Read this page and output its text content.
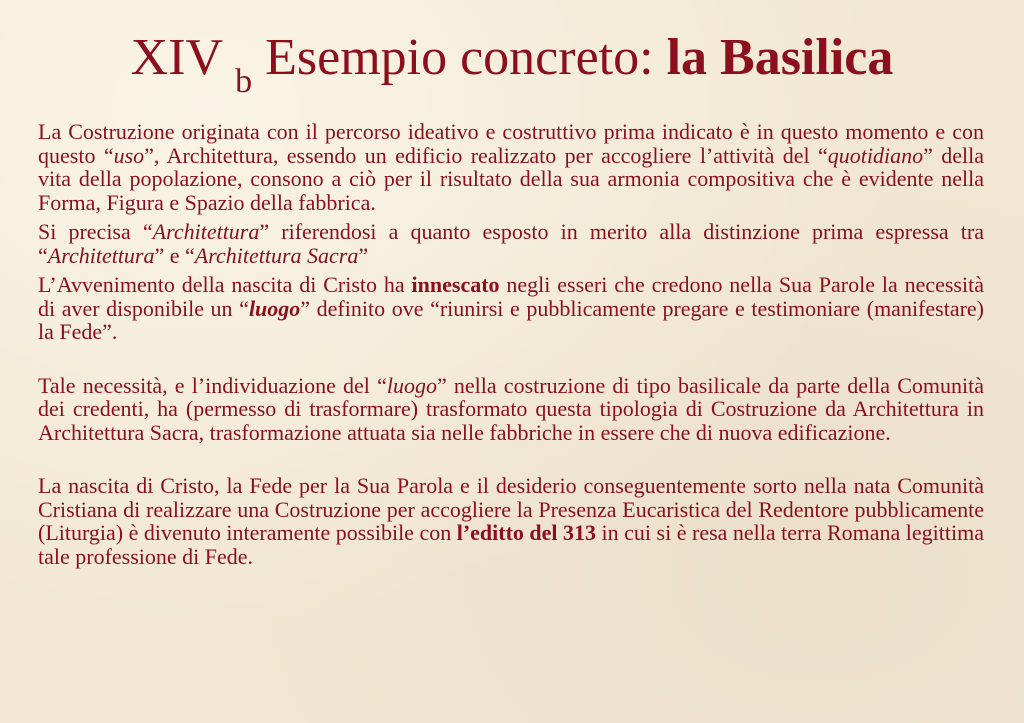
XIV $_b$ Esempio concreto: la Basilica

La Costruzione originata con il percorso ideativo e costruttivo prima indicato è in questo momento e con questo “uso”, Architettura, essendo un edificio realizzato per accogliere l’attività del “quotidiano” della vita della popolazione, consono a ciò per il risultato della sua armonia compositiva che è evidente nella Forma, Figura e Spazio della fabbrica.

Si precisa “Architettura” riferendosi a quanto esposto in merito alla distinzione prima espressa tra “Architettura” e “Architettura Sacra”

L’Avvenimento della nascita di Cristo ha innescato negli esseri che credono nella Sua Parole la necessità di aver disponibile un “luogo” definito ove “riunirsi e pubblicamente pregare e testimoniare (manifestare) la Fede”.

Tale necessità, e l’individuazione del “luogo” nella costruzione di tipo basilicale da parte della Comunità dei credenti, ha (permesso di trasformare) trasformato questa tipologia di Costruzione da Architettura in Architettura Sacra, trasformazione attuata sia nelle fabbriche in essere che di nuova edificazione.

La nascita di Cristo, la Fede per la Sua Parola e il desiderio conseguentemente sorto nella nata Comunità Cristiana di realizzare una Costruzione per accogliere la Presenza Eucaristica del Redentore pubblicamente (Liturgia) è divenuto interamente possibile con l’editto del 313 in cui si è resa nella terra Romana legittima tale professione di Fede.
